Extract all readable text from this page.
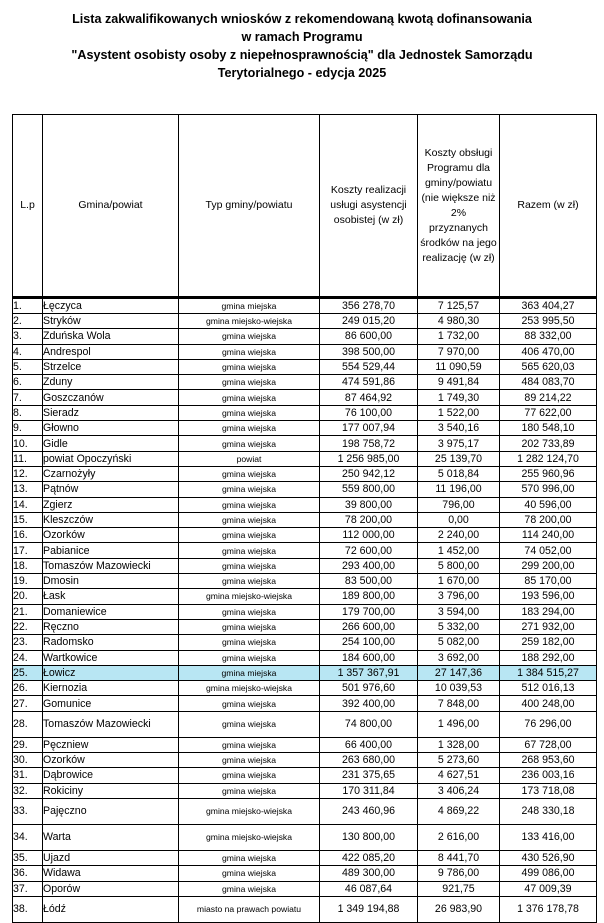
Lista zakwalifikowanych wniosków z rekomendowaną kwotą dofinansowania
w ramach Programu
"Asystent osobisty osoby z niepełnosprawnością" dla Jednostek Samorządu
Terytorialnego - edycja 2025
L.p	Gmina/powiat	Typ gminy/powiatu	Koszty realizacji usługi asystencji osobistej (w zł)	Koszty obsługi Programu dla gminy/powiatu (nie większe niż 2% przyznanych środków na jego realizację (w zł)	Razem (w zł)
1.	Łęczyca	gmina miejska	356 278,70	7 125,57	363 404,27
2.	Stryków	gmina miejsko-wiejska	249 015,20	4 980,30	253 995,50
3.	Zduńska Wola	gmina wiejska	86 600,00	1 732,00	88 332,00
4.	Andrespol	gmina wiejska	398 500,00	7 970,00	406 470,00
5.	Strzelce	gmina wiejska	554 529,44	11 090,59	565 620,03
6.	Zduny	gmina wiejska	474 591,86	9 491,84	484 083,70
7.	Goszczanów	gmina wiejska	87 464,92	1 749,30	89 214,22
8.	Sieradz	gmina wiejska	76 100,00	1 522,00	77 622,00
9.	Głowno	gmina wiejska	177 007,94	3 540,16	180 548,10
10.	Gidle	gmina wiejska	198 758,72	3 975,17	202 733,89
11.	powiat Opoczyński	powiat	1 256 985,00	25 139,70	1 282 124,70
12.	Czarnożyły	gmina wiejska	250 942,12	5 018,84	255 960,96
13.	Pątnów	gmina wiejska	559 800,00	11 196,00	570 996,00
14.	Zgierz	gmina wiejska	39 800,00	796,00	40 596,00
15.	Kleszczów	gmina wiejska	78 200,00	0,00	78 200,00
16.	Ozorków	gmina wiejska	112 000,00	2 240,00	114 240,00
17.	Pabianice	gmina wiejska	72 600,00	1 452,00	74 052,00
18.	Tomaszów Mazowiecki	gmina wiejska	293 400,00	5 800,00	299 200,00
19.	Dmosin	gmina wiejska	83 500,00	1 670,00	85 170,00
20.	Łask	gmina miejsko-wiejska	189 800,00	3 796,00	193 596,00
21.	Domaniewice	gmina wiejska	179 700,00	3 594,00	183 294,00
22.	Ręczno	gmina wiejska	266 600,00	5 332,00	271 932,00
23.	Radomsko	gmina wiejska	254 100,00	5 082,00	259 182,00
24.	Wartkowice	gmina wiejska	184 600,00	3 692,00	188 292,00
25.	Łowicz	gmina miejska	1 357 367,91	27 147,36	1 384 515,27
26.	Kiernozia	gmina miejsko-wiejska	501 976,60	10 039,53	512 016,13
27.	Gomunice	gmina wiejska	392 400,00	7 848,00	400 248,00
28.	Tomaszów Mazowiecki	gmina wiejska	74 800,00	1 496,00	76 296,00
29.	Pęczniew	gmina wiejska	66 400,00	1 328,00	67 728,00
30.	Ozorków	gmina wiejska	263 680,00	5 273,60	268 953,60
31.	Dąbrowice	gmina wiejska	231 375,65	4 627,51	236 003,16
32.	Rokiciny	gmina wiejska	170 311,84	3 406,24	173 718,08
33.	Pajęczno	gmina miejsko-wiejska	243 460,96	4 869,22	248 330,18
34.	Warta	gmina miejsko-wiejska	130 800,00	2 616,00	133 416,00
35.	Ujazd	gmina wiejska	422 085,20	8 441,70	430 526,90
36.	Widawa	gmina wiejska	489 300,00	9 786,00	499 086,00
37.	Oporów	gmina wiejska	46 087,64	921,75	47 009,39
38.	Łódź	miasto na prawach powiatu	1 349 194,88	26 983,90	1 376 178,78
